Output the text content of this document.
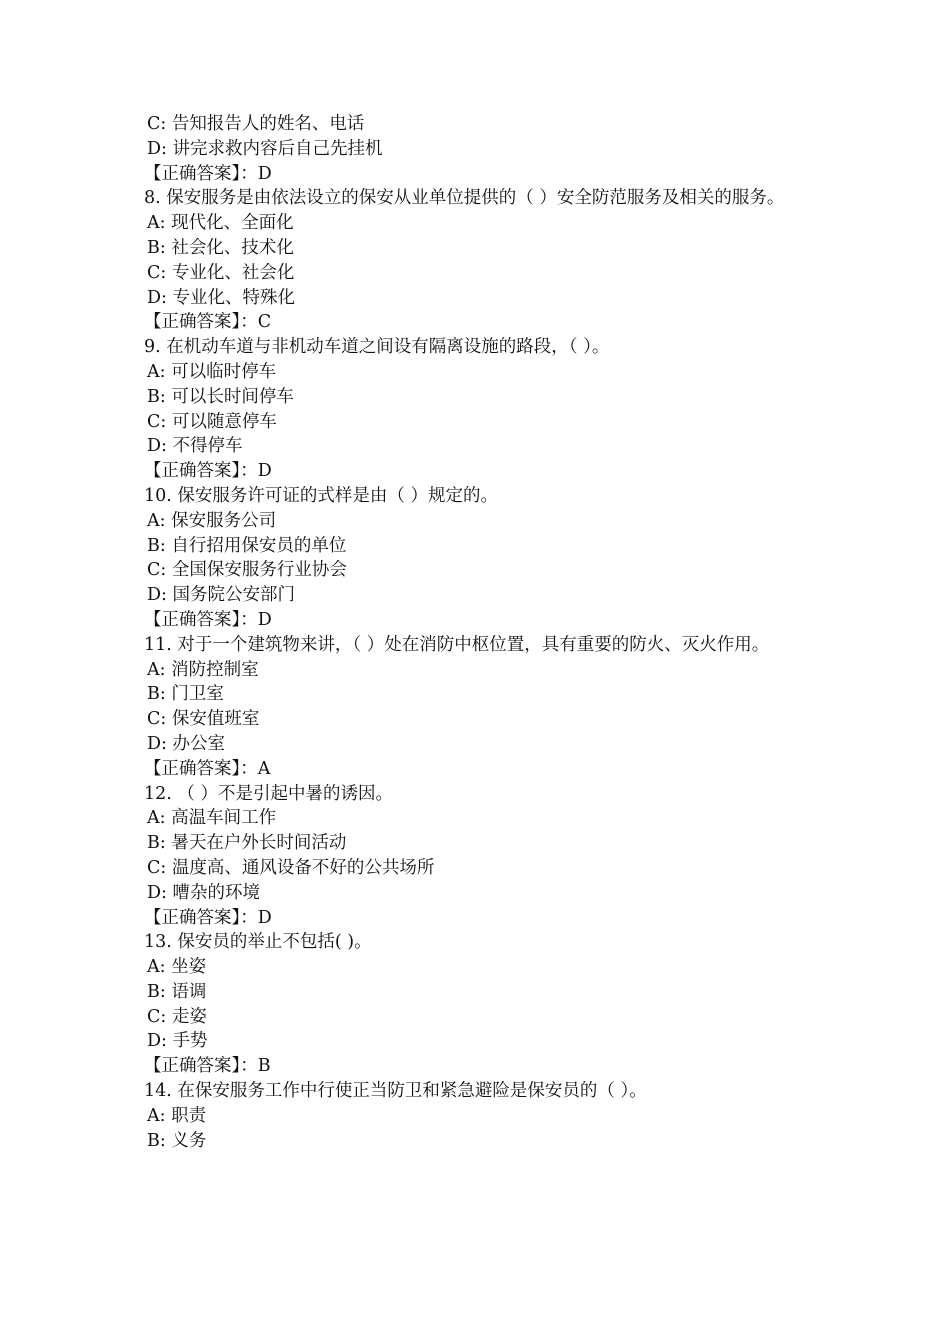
C: 告知报告人的姓名、电话
D: 讲完求救内容后自己先挂机
【正确答案】：D
8. 保安服务是由依法设立的保安从业单位提供的（ ）安全防范服务及相关的服务。
A: 现代化、全面化
B: 社会化、技术化
C: 专业化、社会化
D: 专业化、特殊化
【正确答案】：C
9. 在机动车道与非机动车道之间设有隔离设施的路段，（ ）。
A: 可以临时停车
B: 可以长时间停车
C: 可以随意停车
D: 不得停车
【正确答案】：D
10. 保安服务许可证的式样是由（ ）规定的。
A: 保安服务公司
B: 自行招用保安员的单位
C: 全国保安服务行业协会
D: 国务院公安部门
【正确答案】：D
11. 对于一个建筑物来讲，（ ）处在消防中枢位置，具有重要的防火、灭火作用。
A: 消防控制室
B: 门卫室
C: 保安值班室
D: 办公室
【正确答案】：A
12. （ ）不是引起中暑的诱因。
A: 高温车间工作
B: 暑天在户外长时间活动
C: 温度高、通风设备不好的公共场所
D: 嘈杂的环境
【正确答案】：D
13. 保安员的举止不包括( )。
A: 坐姿
B: 语调
C: 走姿
D: 手势
【正确答案】：B
14. 在保安服务工作中行使正当防卫和紧急避险是保安员的（ ）。
A: 职责
B: 义务
